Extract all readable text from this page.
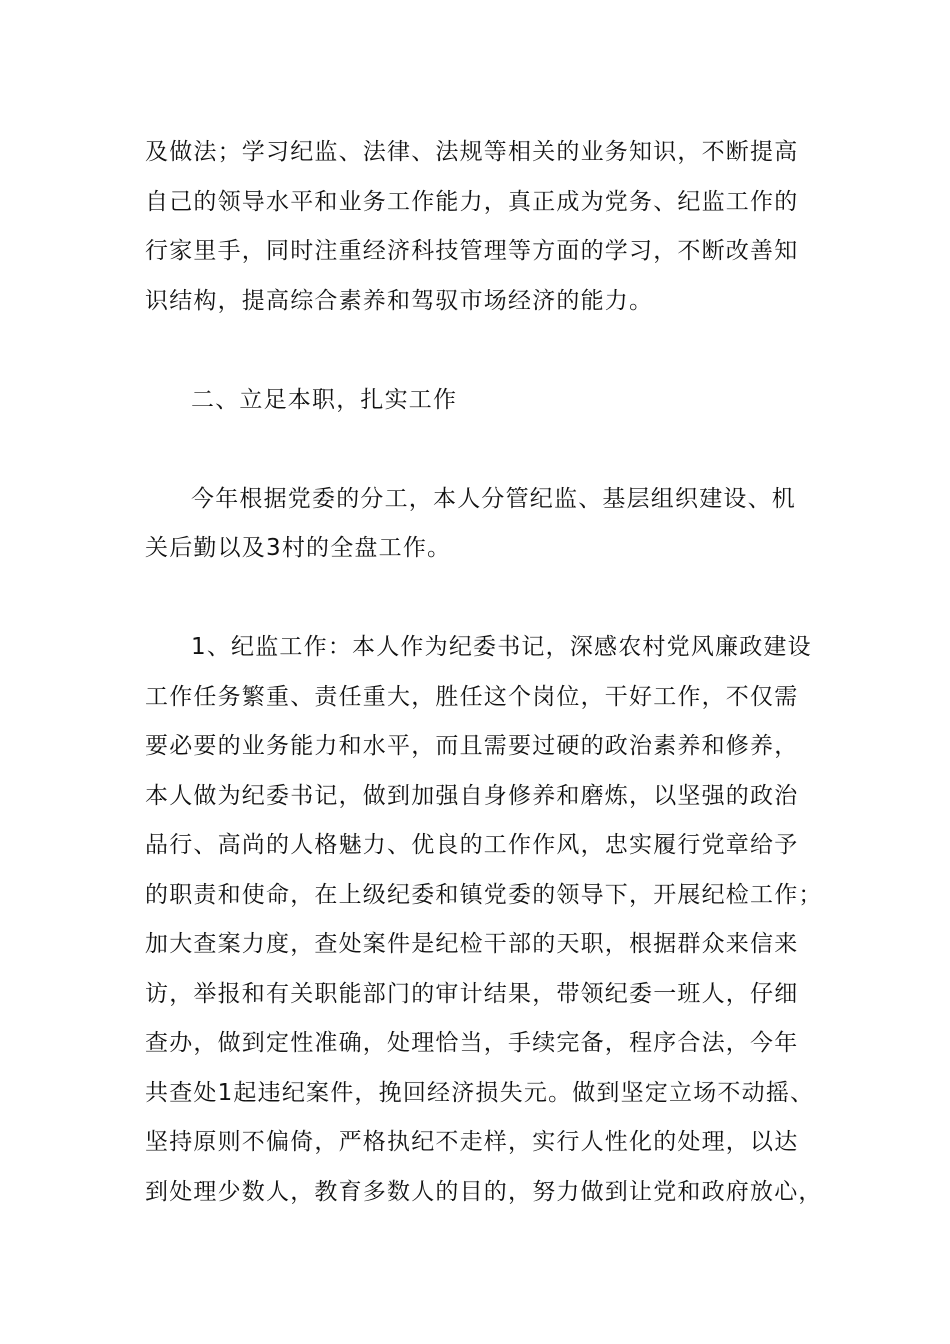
及做法；学习纪监、法律、法规等相关的业务知识，不断提高
自己的领导水平和业务工作能力，真正成为党务、纪监工作的
行家里手，同时注重经济科技管理等方面的学习，不断改善知
识结构，提高综合素养和驾驭市场经济的能力。
二、立足本职，扎实工作
今年根据党委的分工，本人分管纪监、基层组织建设、机
关后勤以及3村的全盘工作。
1、纪监工作：本人作为纪委书记，深感农村党风廉政建设
工作任务繁重、责任重大，胜任这个岗位，干好工作，不仅需
要必要的业务能力和水平，而且需要过硬的政治素养和修养，
本人做为纪委书记，做到加强自身修养和磨炼，以坚强的政治
品行、高尚的人格魅力、优良的工作作风，忠实履行党章给予
的职责和使命，在上级纪委和镇党委的领导下，开展纪检工作；
加大查案力度，查处案件是纪检干部的天职，根据群众来信来
访，举报和有关职能部门的审计结果，带领纪委一班人，仔细
查办，做到定性准确，处理恰当，手续完备，程序合法，今年
共查处1起违纪案件，挽回经济损失元。做到坚定立场不动摇、
坚持原则不偏倚，严格执纪不走样，实行人性化的处理，以达
到处理少数人，教育多数人的目的，努力做到让党和政府放心，
